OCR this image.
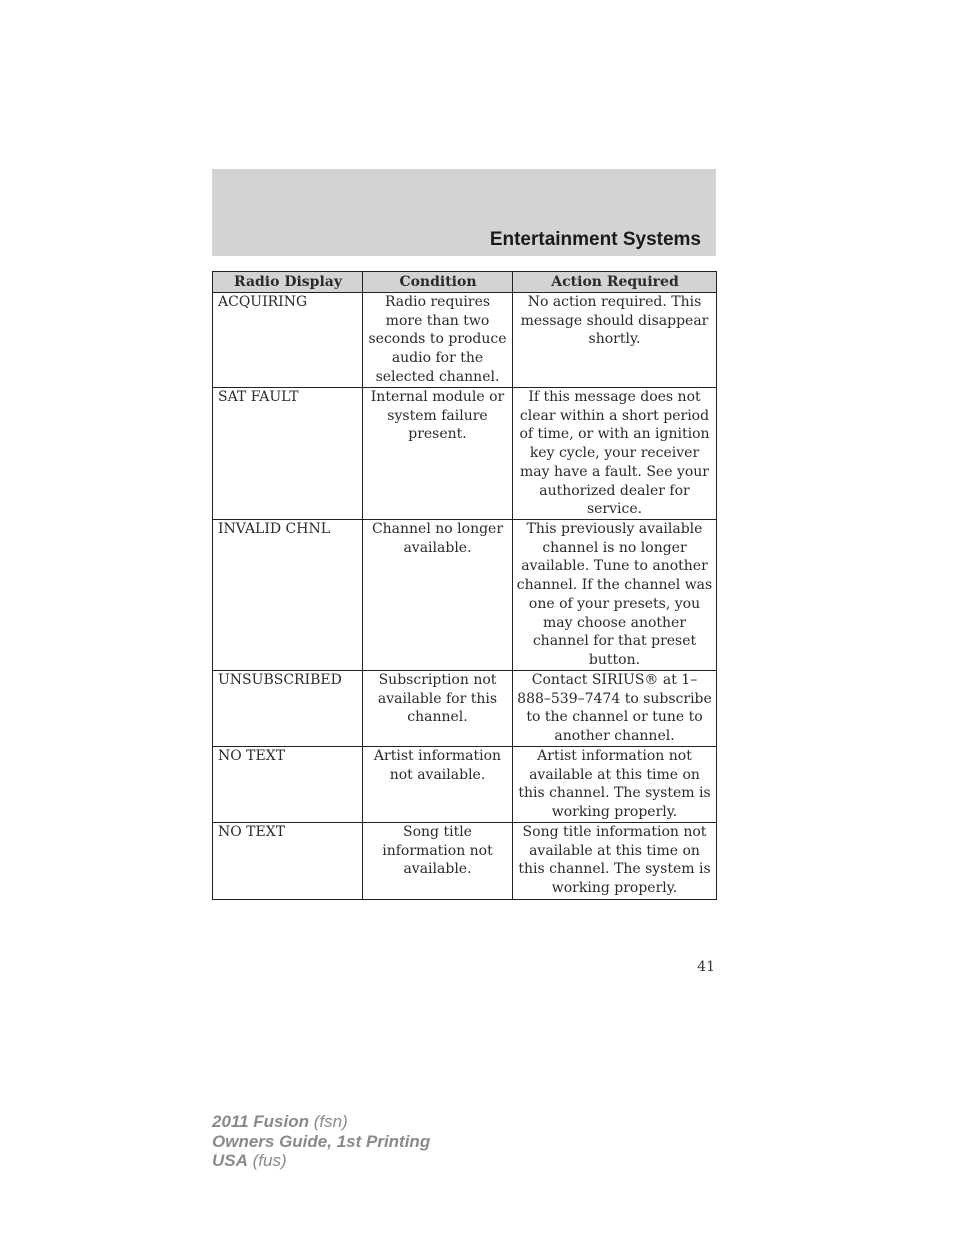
Entertainment Systems
Radio Display	Condition	Action Required
ACQUIRING	Radio requires more than two seconds to produce audio for the selected channel.	No action required. This message should disappear shortly.
SAT FAULT	Internal module or system failure present.	If this message does not clear within a short period of time, or with an ignition key cycle, your receiver may have a fault. See your authorized dealer for service.
INVALID CHNL	Channel no longer available.	This previously available channel is no longer available. Tune to another channel. If the channel was one of your presets, you may choose another channel for that preset button.
UNSUBSCRIBED	Subscription not available for this channel.	Contact SIRIUS® at 1–888–539–7474 to subscribe to the channel or tune to another channel.
NO TEXT	Artist information not available.	Artist information not available at this time on this channel. The system is working properly.
NO TEXT	Song title information not available.	Song title information not available at this time on this channel. The system is working properly.
41
2011 Fusion (fsn)
Owners Guide, 1st Printing
USA (fus)
